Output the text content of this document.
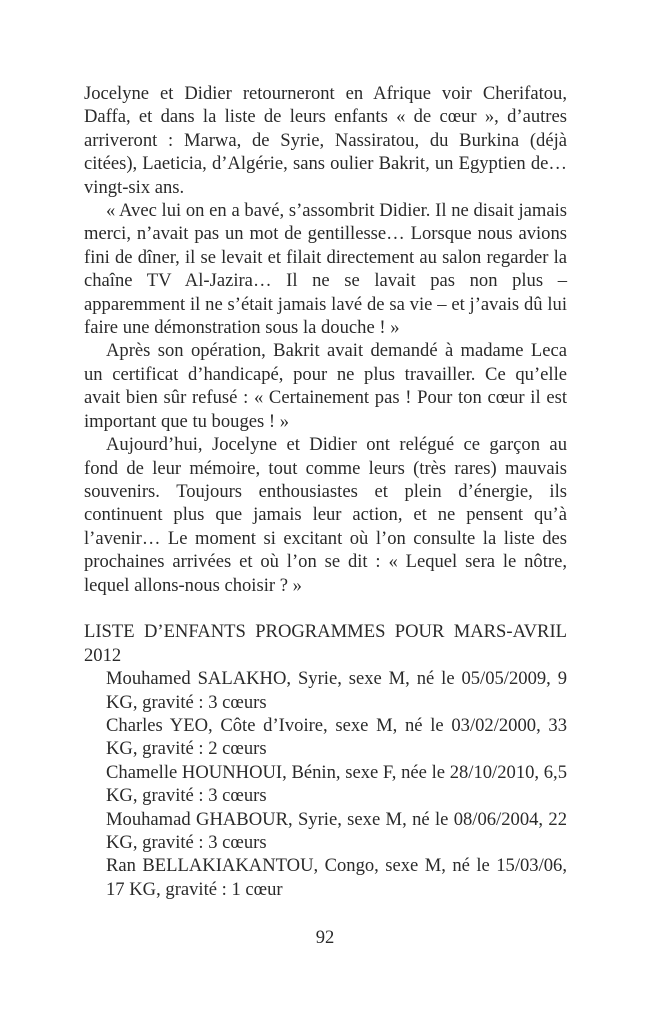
Jocelyne et Didier retourneront en Afrique voir Cherifatou, Daffa, et dans la liste de leurs enfants « de cœur », d’autres arriveront : Marwa, de Syrie, Nassiratou, du Burkina (déjà citées), Laeticia, d’Algérie, sans oulier Bakrit, un Egyptien de… vingt-six ans.

« Avec lui on en a bavé, s’assombrit Didier. Il ne disait jamais merci, n’avait pas un mot de gentillesse… Lorsque nous avions fini de dîner, il se levait et filait directement au salon regarder la chaîne TV Al-Jazira… Il ne se lavait pas non plus – apparemment il ne s’était jamais lavé de sa vie – et j’avais dû lui faire une démonstration sous la douche ! »

Après son opération, Bakrit avait demandé à madame Leca un certificat d’handicapé, pour ne plus travailler. Ce qu’elle avait bien sûr refusé : « Certainement pas ! Pour ton cœur il est important que tu bouges ! »

Aujourd’hui, Jocelyne et Didier ont relégué ce garçon au fond de leur mémoire, tout comme leurs (très rares) mauvais souvenirs. Toujours enthousiastes et plein d’énergie, ils continuent plus que jamais leur action, et ne pensent qu’à l’avenir… Le moment si excitant où l’on consulte la liste des prochaines arrivées et où l’on se dit : « Lequel sera le nôtre, lequel allons-nous choisir ? »

LISTE D’ENFANTS PROGRAMMES POUR MARS-AVRIL 2012

Mouhamed SALAKHO, Syrie, sexe M, né le 05/05/2009, 9 KG, gravité : 3 cœurs
Charles YEO, Côte d’Ivoire, sexe M, né le 03/02/2000, 33 KG, gravité : 2 cœurs
Chamelle HOUNHOUI, Bénin, sexe F, née le 28/10/2010, 6,5 KG, gravité : 3 cœurs
Mouhamad GHABOUR, Syrie, sexe M, né le 08/06/2004, 22 KG, gravité : 3 cœurs
Ran BELLAKIAKANTOU, Congo, sexe M, né le 15/03/06, 17 KG, gravité : 1 cœur
92
